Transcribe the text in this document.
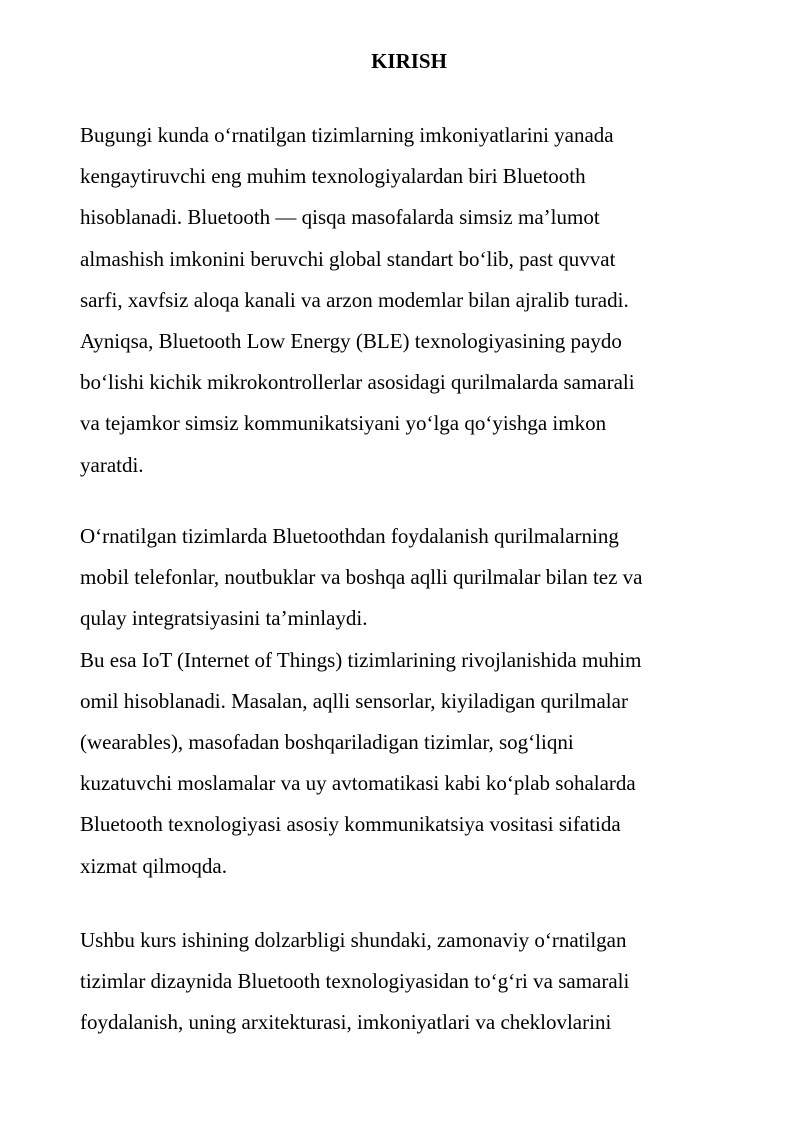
KIRISH
Bugungi kunda o‘rnatilgan tizimlarning imkoniyatlarini yanada
kengaytiruvchi eng muhim texnologiyalardan biri Bluetooth
hisoblanadi. Bluetooth — qisqa masofalarda simsiz ma’lumot
almashish imkonini beruvchi global standart bo‘lib, past quvvat
sarfi, xavfsiz aloqa kanali va arzon modemlar bilan ajralib turadi.
Ayniqsa, Bluetooth Low Energy (BLE) texnologiyasining paydo
bo‘lishi kichik mikrokontrollerlar asosidagi qurilmalarda samarali
va tejamkor simsiz kommunikatsiyani yo‘lga qo‘yishga imkon
yaratdi.
O‘rnatilgan tizimlarda Bluetoothdan foydalanish qurilmalarning
mobil telefonlar, noutbuklar va boshqa aqlli qurilmalar bilan tez va
qulay integratsiyasini ta’minlaydi.
Bu esa IoT (Internet of Things) tizimlarining rivojlanishida muhim
omil hisoblanadi. Masalan, aqlli sensorlar, kiyiladigan qurilmalar
(wearables), masofadan boshqariladigan tizimlar, sog‘liqni
kuzatuvchi moslamalar va uy avtomatikasi kabi ko‘plab sohalarda
Bluetooth texnologiyasi asosiy kommunikatsiya vositasi sifatida
xizmat qilmoqda.
Ushbu kurs ishining dolzarbligi shundaki, zamonaviy o‘rnatilgan
tizimlar dizaynida Bluetooth texnologiyasidan to‘g‘ri va samarali
foydalanish, uning arxitekturasi, imkoniyatlari va cheklovlarini
